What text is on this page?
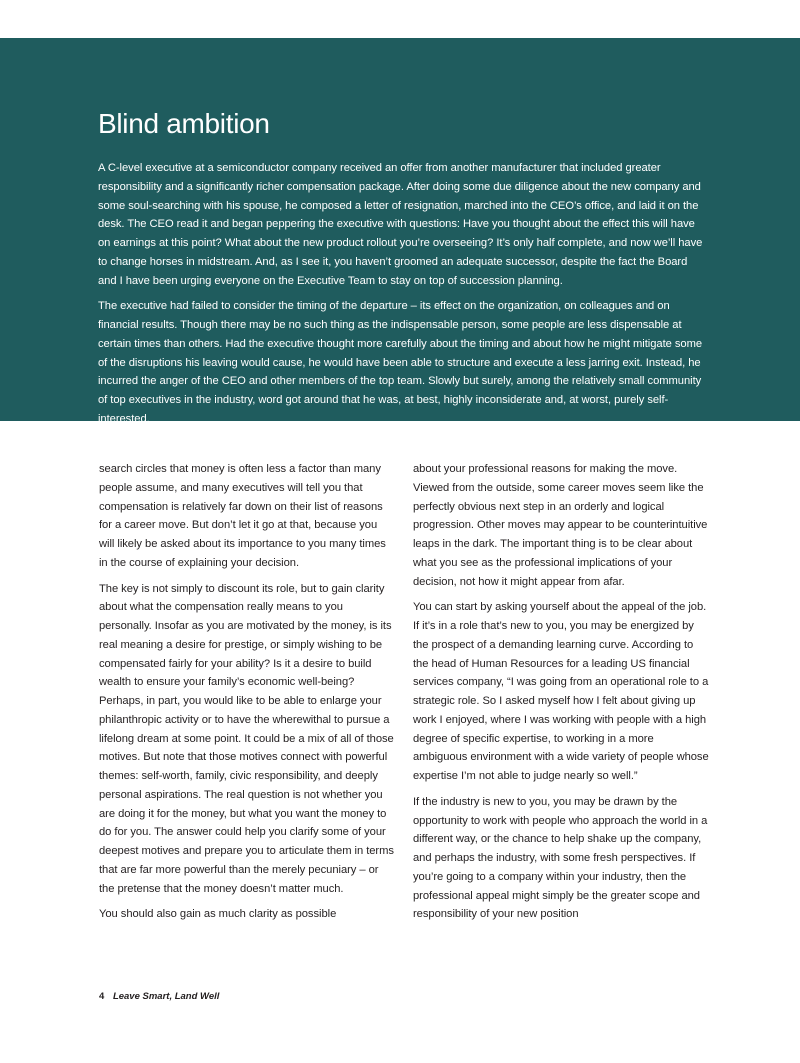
Blind ambition

A C-level executive at a semiconductor company received an offer from another manufacturer that included greater responsibility and a significantly richer compensation package. After doing some due diligence about the new company and some soul-searching with his spouse, he composed a letter of resignation, marched into the CEO’s office, and laid it on the desk. The CEO read it and began peppering the executive with questions: Have you thought about the effect this will have on earnings at this point? What about the new product rollout you’re overseeing? It’s only half complete, and now we’ll have to change horses in midstream. And, as I see it, you haven’t groomed an adequate successor, despite the fact the Board and I have been urging everyone on the Executive Team to stay on top of succession planning.

The executive had failed to consider the timing of the departure – its effect on the organization, on colleagues and on financial results. Though there may be no such thing as the indispensable person, some people are less dispensable at certain times than others. Had the executive thought more carefully about the timing and about how he might mitigate some of the disruptions his leaving would cause, he would have been able to structure and execute a less jarring exit. Instead, he incurred the anger of the CEO and other members of the top team. Slowly but surely, among the relatively small community of top executives in the industry, word got around that he was, at best, highly inconsiderate and, at worst, purely self-interested.

search circles that money is often less a factor than many people assume, and many executives will tell you that compensation is relatively far down on their list of reasons for a career move. But don’t let it go at that, because you will likely be asked about its importance to you many times in the course of explaining your decision.

The key is not simply to discount its role, but to gain clarity about what the compensation really means to you personally. Insofar as you are motivated by the money, is its real meaning a desire for prestige, or simply wishing to be compensated fairly for your ability? Is it a desire to build wealth to ensure your family’s economic well-being? Perhaps, in part, you would like to be able to enlarge your philanthropic activity or to have the wherewithal to pursue a lifelong dream at some point. It could be a mix of all of those motives. But note that those motives connect with powerful themes: self-worth, family, civic responsibility, and deeply personal aspirations. The real question is not whether you are doing it for the money, but what you want the money to do for you. The answer could help you clarify some of your deepest motives and prepare you to articulate them in terms that are far more powerful than the merely pecuniary – or the pretense that the money doesn’t matter much.

You should also gain as much clarity as possible

about your professional reasons for making the move. Viewed from the outside, some career moves seem like the perfectly obvious next step in an orderly and logical progression. Other moves may appear to be counterintuitive leaps in the dark. The important thing is to be clear about what you see as the professional implications of your decision, not how it might appear from afar.

You can start by asking yourself about the appeal of the job. If it’s in a role that’s new to you, you may be energized by the prospect of a demanding learning curve. According to the head of Human Resources for a leading US financial services company, “I was going from an operational role to a strategic role. So I asked myself how I felt about giving up work I enjoyed, where I was working with people with a high degree of specific expertise, to working in a more ambiguous environment with a wide variety of people whose expertise I’m not able to judge nearly so well.”

If the industry is new to you, you may be drawn by the opportunity to work with people who approach the world in a different way, or the chance to help shake up the company, and perhaps the industry, with some fresh perspectives. If you’re going to a company within your industry, then the professional appeal might simply be the greater scope and responsibility of your new position

4 Leave Smart, Land Well
